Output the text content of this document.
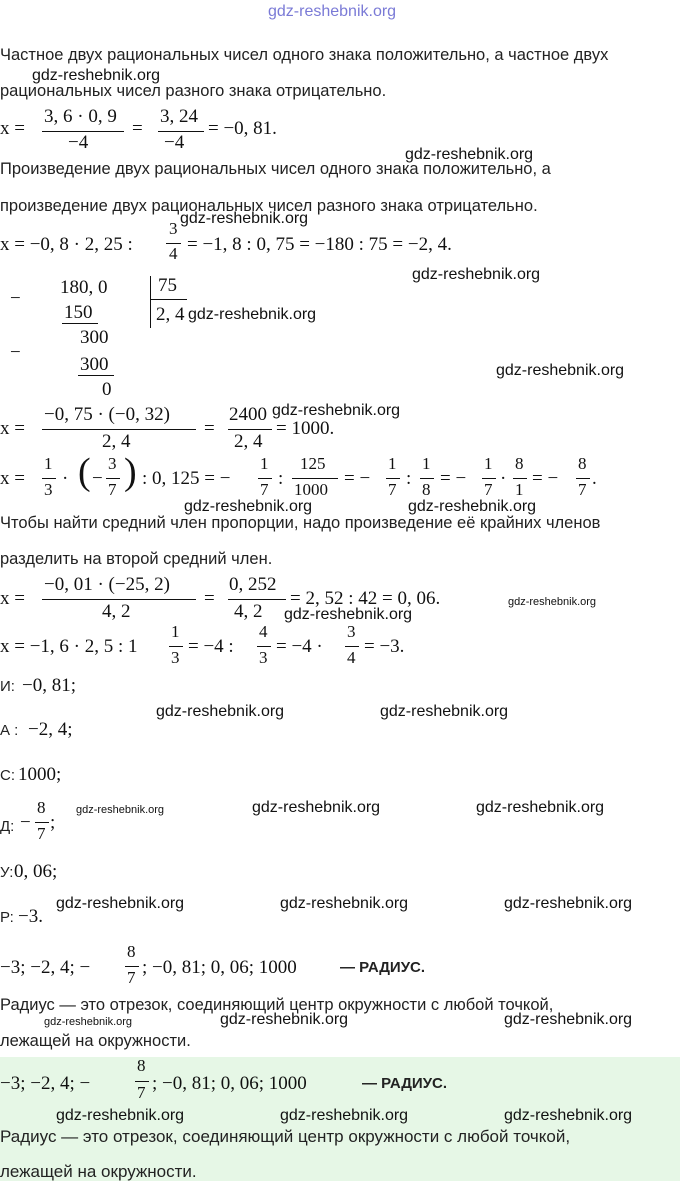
gdz-reshebnik.org
Частное двух рациональных чисел одного знака положительно, а частное двух
рациональных чисел разного знака отрицательно.
gdz-reshebnik.org
x =
3, 6 · 0, 9
−4
=
3, 24
−4
= −0, 81.
gdz-reshebnik.org
Произведение двух рациональных чисел одного знака положительно, а
произведение двух рациональных чисел разного знака отрицательно.
gdz-reshebnik.org
x = −0, 8 · 2, 25 :
3
4 = −1, 8 : 0, 75 = −180 : 75 = −2, 4.
gdz-reshebnik.org
−
180, 0
150
−
300
300
0
75
2, 4 gdz-reshebnik.org
gdz-reshebnik.org
x =
−0, 75 · (−0, 32)
2, 4
=
2400
2, 4
= 1000.
gdz-reshebnik.org
x =
1
3
· ( −
3
7 ) : 0, 125 = −
1
7
:
125
1000
= −
1
7
:
1
8
= −
1
7
·
8
1
= −
8
7
.
gdz-reshebnik.org	gdz-reshebnik.org
Чтобы найти средний член пропорции, надо произведение её крайних членов
разделить на второй средний член.
x =
−0, 01 · (−25, 2)
4, 2
=
0, 252
4, 2
= 2, 52 : 42 = 0, 06.	gdz-reshebnik.org
gdz-reshebnik.org
x = −1, 6 · 2, 5 : 1
1
3
= −4 :
4
3
= −4 ·
3
4
= −3.
И: −0, 81;
gdz-reshebnik.org	gdz-reshebnik.org
А : −2, 4;
С: 1000;
Д: −
8
7
;
gdz-reshebnik.org	gdz-reshebnik.org	gdz-reshebnik.org
У: 0, 06;
Р: −3.
gdz-reshebnik.org	gdz-reshebnik.org	gdz-reshebnik.org
−3; −2, 4; −
8
7 ; −0, 81; 0, 06; 1000	— РАДИУС.
Радиус — это отрезок, соединяющий центр окружности с любой точкой,
gdz-reshebnik.org	gdz-reshebnik.org	gdz-reshebnik.org
лежащей на окружности.
−3; −2, 4; −
8
7 ; −0, 81; 0, 06; 1000	— РАДИУС.
gdz-reshebnik.org	gdz-reshebnik.org	gdz-reshebnik.org
Радиус — это отрезок, соединяющий центр окружности с любой точкой,
лежащей на окружности.
